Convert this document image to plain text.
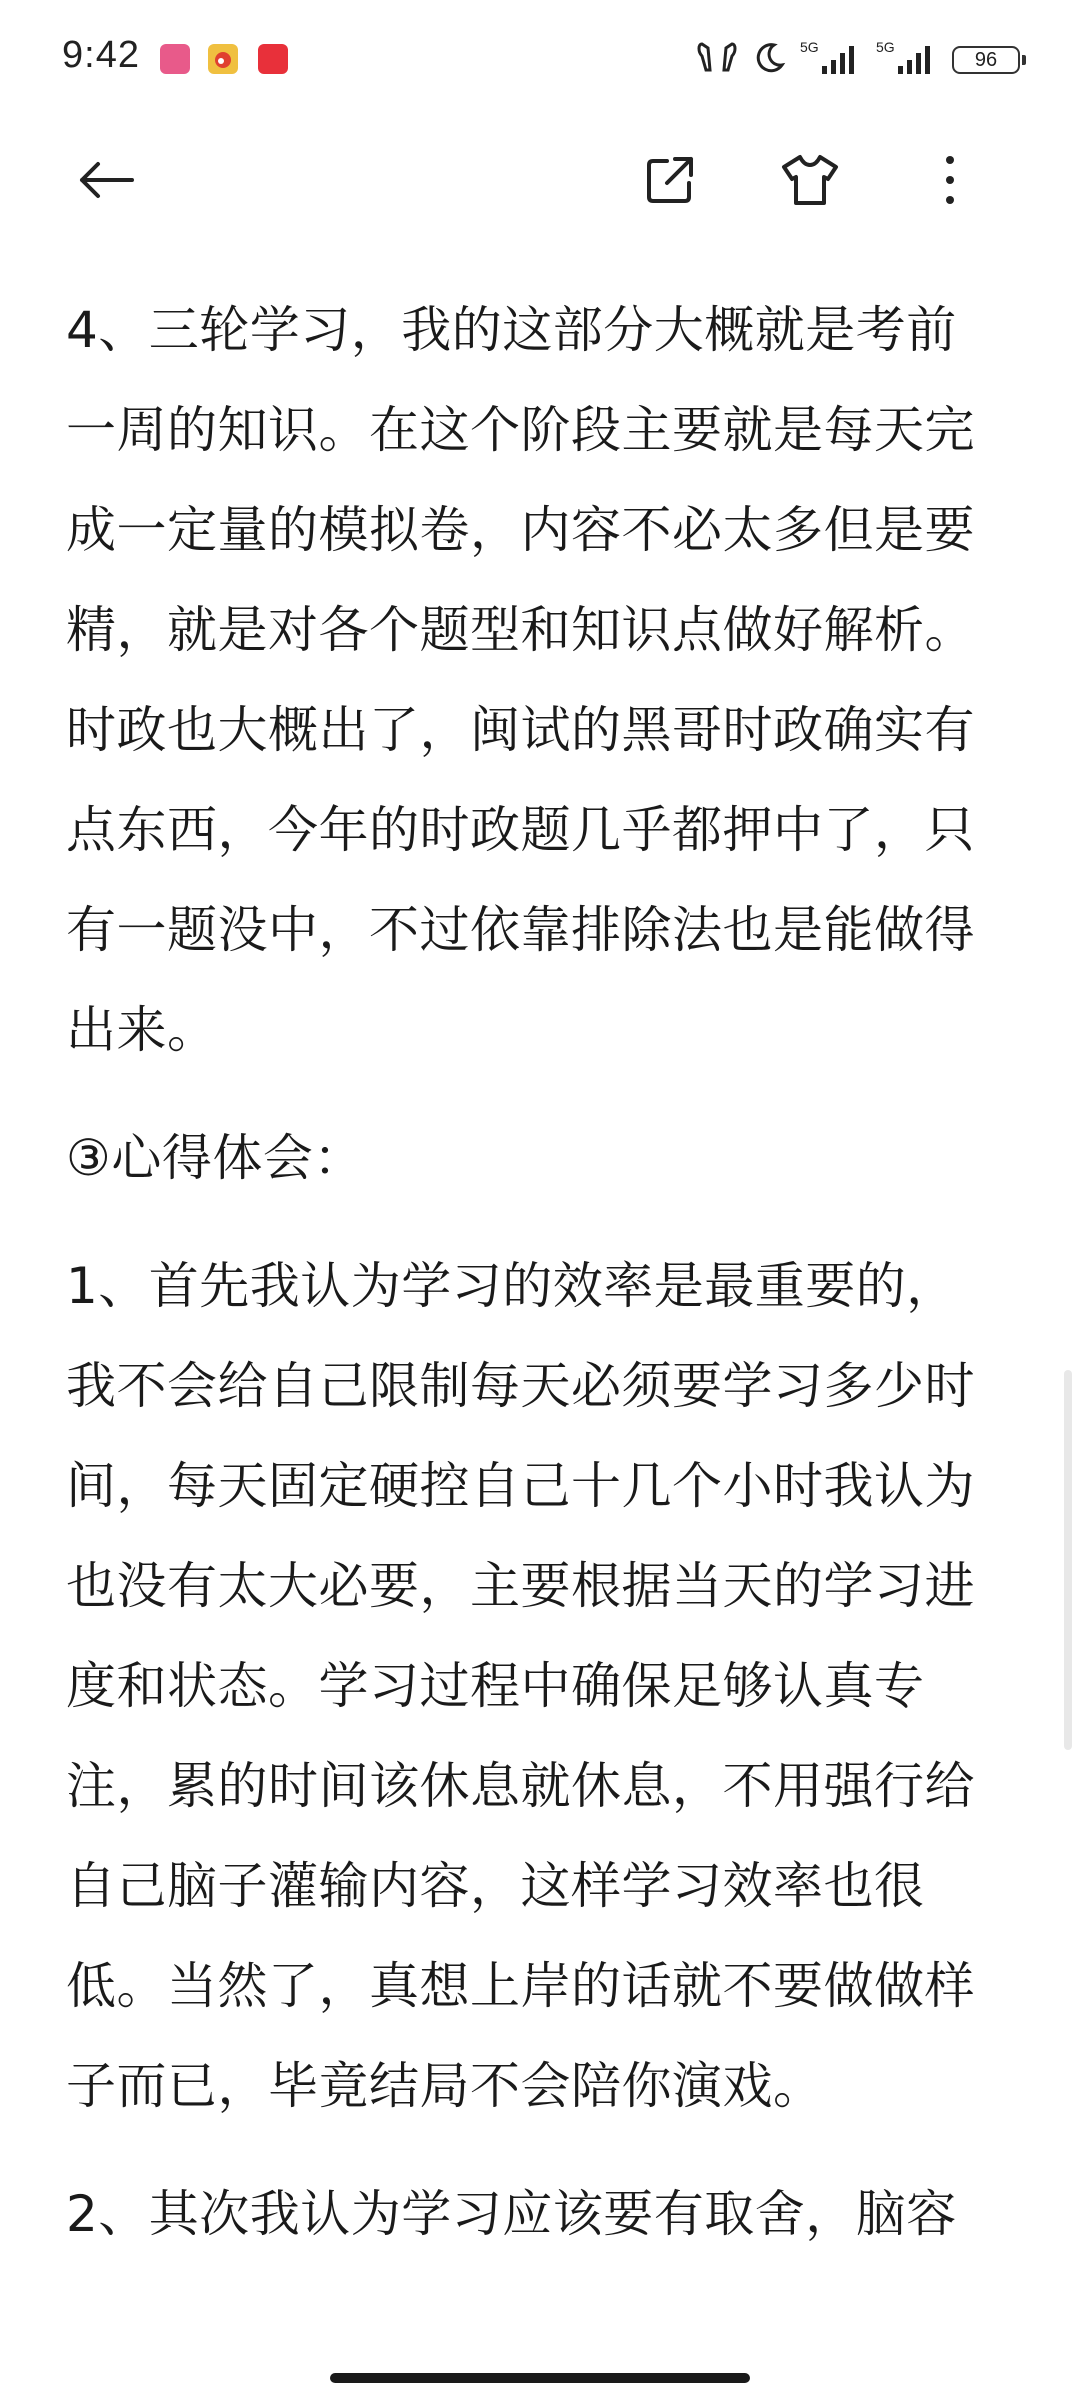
9:42	5G	5G
96

4、三轮学习，我的这部分大概就是考前一周的知识。在这个阶段主要就是每天完成一定量的模拟卷，内容不必太多但是要精，就是对各个题型和知识点做好解析。时政也大概出了，闽试的黑哥时政确实有点东西，今年的时政题几乎都押中了，只有一题没中，不过依靠排除法也是能做得出来。

③心得体会：

1、首先我认为学习的效率是最重要的，我不会给自己限制每天必须要学习多少时间，每天固定硬控自己十几个小时我认为也没有太大必要，主要根据当天的学习进度和状态。学习过程中确保足够认真专注，累的时间该休息就休息，不用强行给自己脑子灌输内容，这样学习效率也很低。当然了，真想上岸的话就不要做做样子而已，毕竟结局不会陪你演戏。

2、其次我认为学习应该要有取舍，脑容
